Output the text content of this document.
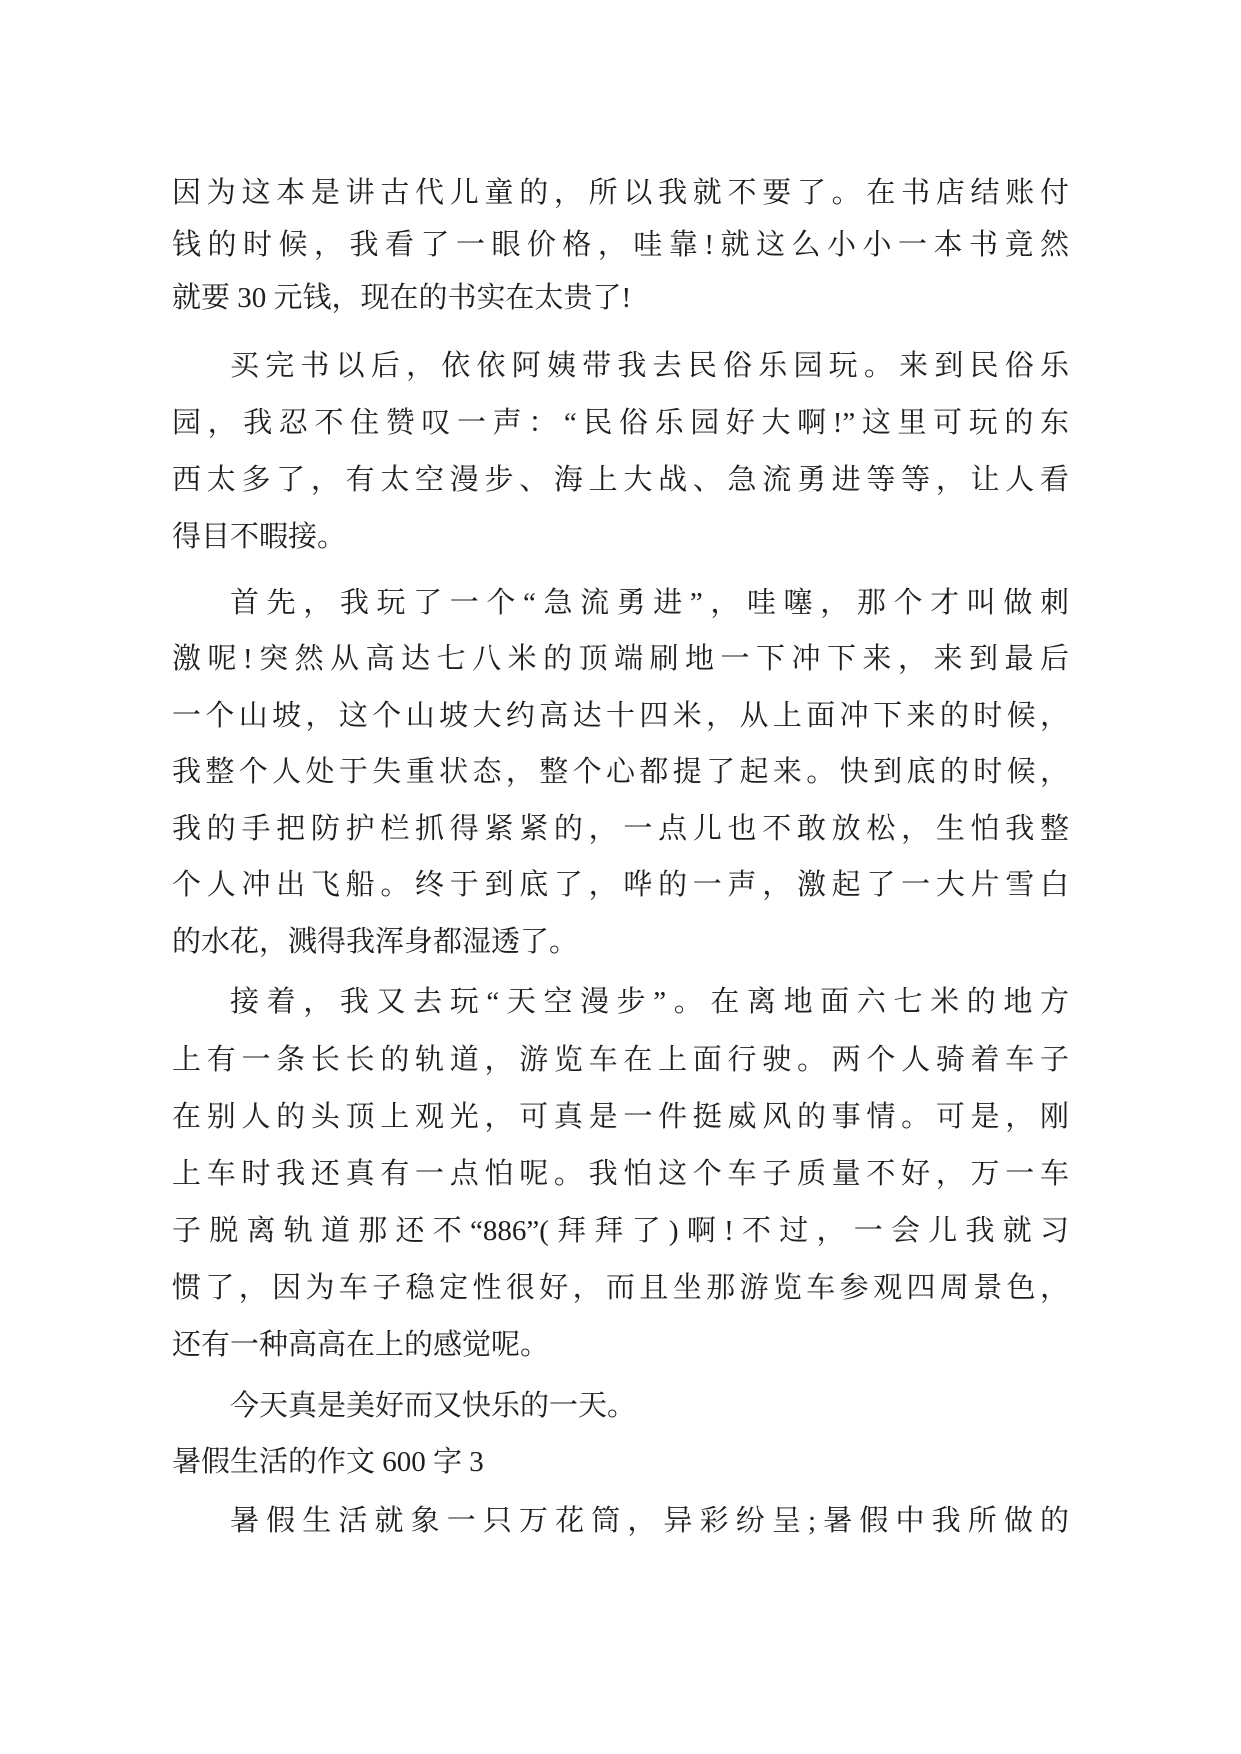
因为这本是讲古代儿童的，所以我就不要了。在书店结账付
钱的时候，我看了一眼价格，哇靠!就这么小小一本书竟然
就要 30 元钱，现在的书实在太贵了!
买完书以后，依依阿姨带我去民俗乐园玩。来到民俗乐
园，我忍不住赞叹一声：“民俗乐园好大啊!”这里可玩的东
西太多了，有太空漫步、海上大战、急流勇进等等，让人看
得目不暇接。
首先，我玩了一个“急流勇进”，哇噻，那个才叫做刺
激呢!突然从高达七八米的顶端刷地一下冲下来，来到最后
一个山坡，这个山坡大约高达十四米，从上面冲下来的时候，
我整个人处于失重状态，整个心都提了起来。快到底的时候，
我的手把防护栏抓得紧紧的，一点儿也不敢放松，生怕我整
个人冲出飞船。终于到底了，哗的一声，激起了一大片雪白
的水花，溅得我浑身都湿透了。
接着，我又去玩“天空漫步”。在离地面六七米的地方
上有一条长长的轨道，游览车在上面行驶。两个人骑着车子
在别人的头顶上观光，可真是一件挺威风的事情。可是，刚
上车时我还真有一点怕呢。我怕这个车子质量不好，万一车
子脱离轨道那还不“886”(拜拜了)啊!不过，一会儿我就习
惯了，因为车子稳定性很好，而且坐那游览车参观四周景色，
还有一种高高在上的感觉呢。
今天真是美好而又快乐的一天。
暑假生活的作文 600 字 3
暑假生活就象一只万花筒，异彩纷呈;暑假中我所做的
